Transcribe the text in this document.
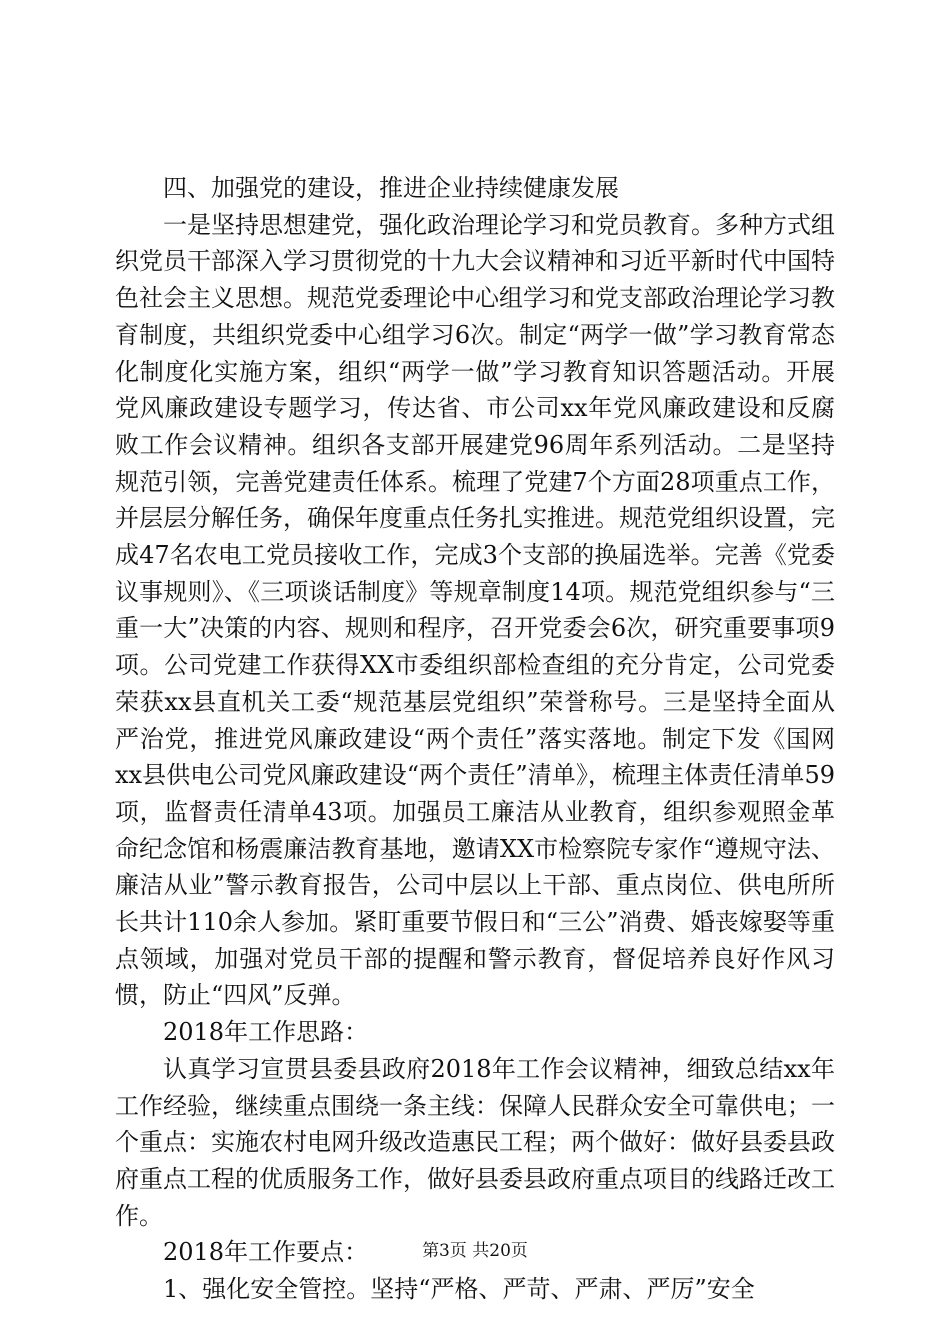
四、加强党的建设，推进企业持续健康发展

一是坚持思想建党，强化政治理论学习和党员教育。多种方式组织党员干部深入学习贯彻党的十九大会议精神和习近平新时代中国特色社会主义思想。规范党委理论中心组学习和党支部政治理论学习教育制度，共组织党委中心组学习6次。制定“两学一做”学习教育常态化制度化实施方案，组织“两学一做”学习教育知识答题活动。开展党风廉政建设专题学习，传达省、市公司xx年党风廉政建设和反腐败工作会议精神。组织各支部开展建党96周年系列活动。二是坚持规范引领，完善党建责任体系。梳理了党建7个方面28项重点工作，并层层分解任务，确保年度重点任务扎实推进。规范党组织设置，完成47名农电工党员接收工作，完成3个支部的换届选举。完善《党委议事规则》、《三项谈话制度》等规章制度14项。规范党组织参与“三重一大”决策的内容、规则和程序，召开党委会6次，研究重要事项9项。公司党建工作获得XX市委组织部检查组的充分肯定，公司党委荣获xx县直机关工委“规范基层党组织”荣誉称号。三是坚持全面从严治党，推进党风廉政建设“两个责任”落实落地。制定下发《国网xx县供电公司党风廉政建设“两个责任”清单》，梳理主体责任清单59项，监督责任清单43项。加强员工廉洁从业教育，组织参观照金革命纪念馆和杨震廉洁教育基地，邀请XX市检察院专家作“遵规守法、廉洁从业”警示教育报告，公司中层以上干部、重点岗位、供电所所长共计110余人参加。紧盯重要节假日和“三公”消费、婚丧嫁娶等重点领域，加强对党员干部的提醒和警示教育，督促培养良好作风习惯，防止“四风”反弹。

2018年工作思路：

认真学习宣贯县委县政府2018年工作会议精神，细致总结xx年工作经验，继续重点围绕一条主线：保障人民群众安全可靠供电；一个重点：实施农村电网升级改造惠民工程；两个做好：做好县委县政府重点工程的优质服务工作，做好县委县政府重点项目的线路迁改工作。

2018年工作要点：

1、强化安全管控。坚持“严格、严苛、严肃、严厉”安全

第3页 共20页
